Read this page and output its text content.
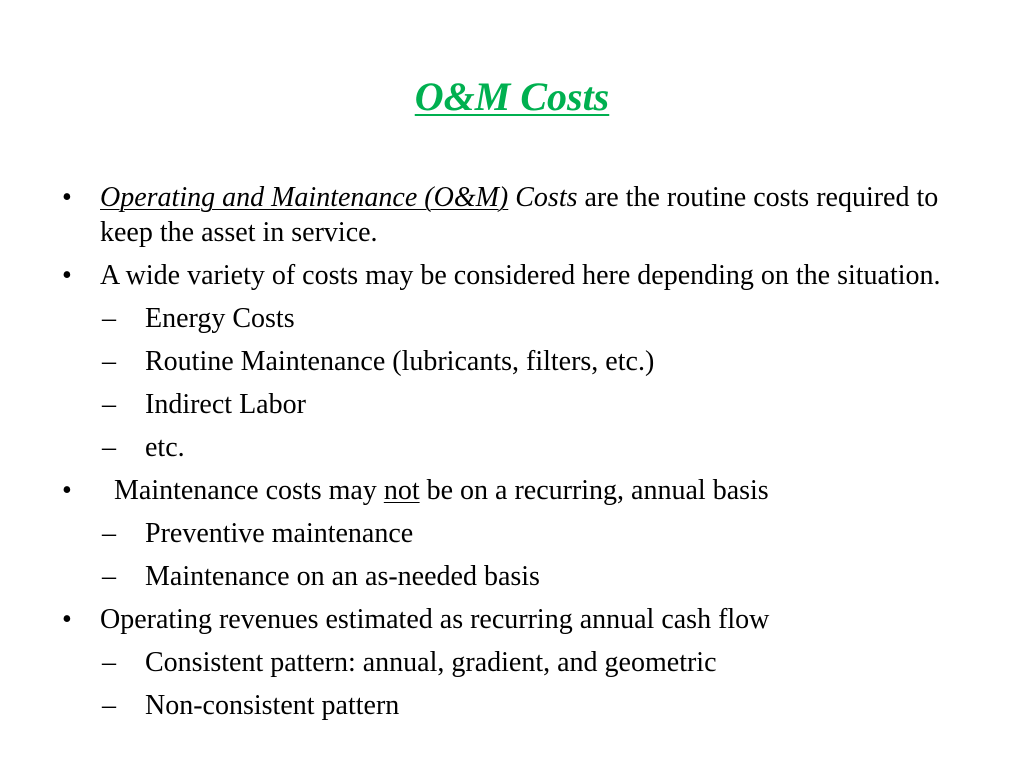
O&M Costs
•	Operating and Maintenance (O&M) Costs are the routine costs required to keep the asset in service.
•	A wide variety of costs may be considered here depending on the situation.
–	Energy Costs
–	Routine Maintenance (lubricants, filters, etc.)
–	Indirect Labor
–	etc.
•	Maintenance costs may not be on a recurring, annual basis
–	Preventive maintenance
–	Maintenance on an as-needed basis
•	Operating revenues estimated as recurring annual cash flow
–	Consistent pattern: annual, gradient, and geometric
–	Non-consistent pattern
